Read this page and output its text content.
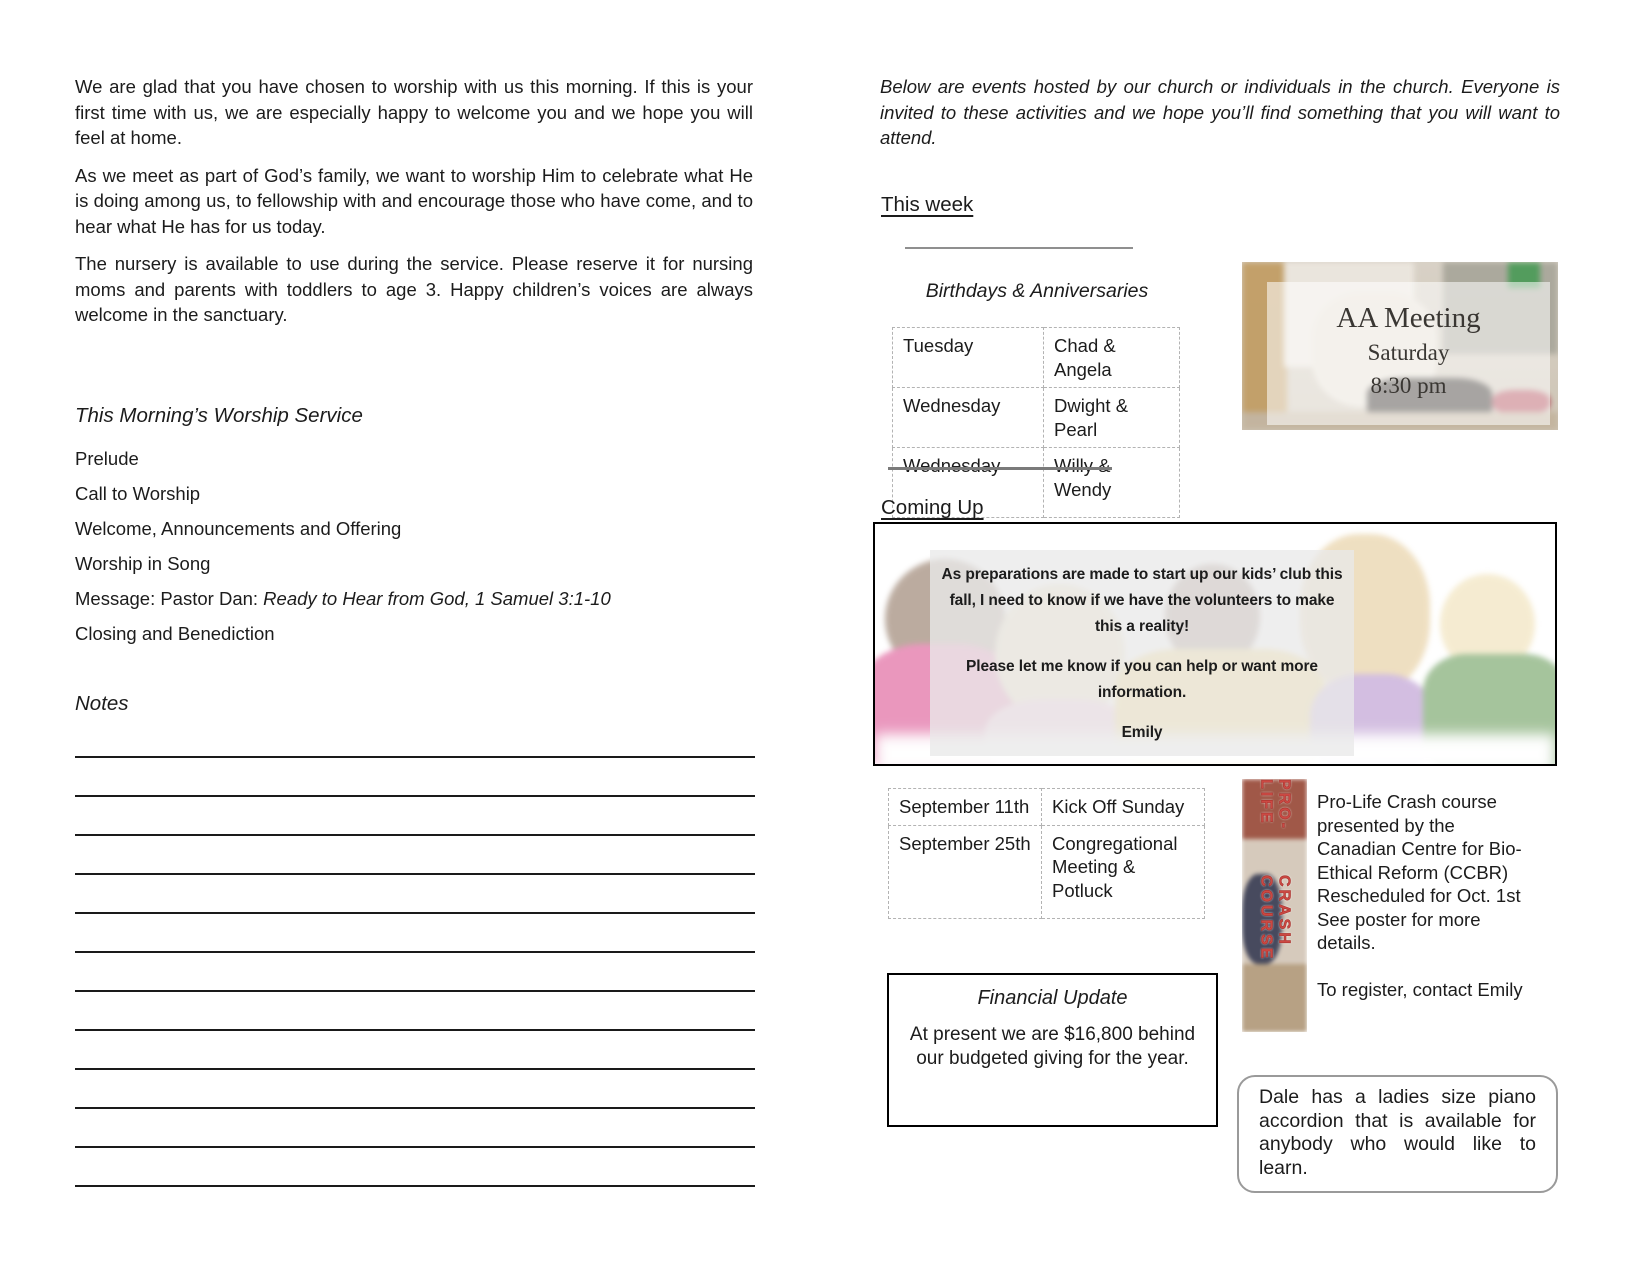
We are glad that you have chosen to worship with us this morning. If this is your first time with us, we are especially happy to welcome you and we hope you will feel at home.

As we meet as part of God’s family, we want to worship Him to celebrate what He is doing among us, to fellowship with and encourage those who have come, and to hear what He has for us today.

The nursery is available to use during the service. Please reserve it for nursing moms and parents with toddlers to age 3. Happy children’s voices are always welcome in the sanctuary.

This Morning’s Worship Service
Prelude
Call to Worship
Welcome, Announcements and Offering
Worship in Song
Message: Pastor Dan: Ready to Hear from God, 1 Samuel 3:1-10
Closing and Benediction
Notes

Below are events hosted by our church or individuals in the church. Everyone is invited to these activities and we hope you’ll find something that you will want to attend.

This week
Birthdays & Anniversaries
Tuesday	Chad & Angela
Wednesday	Dwight & Pearl
Wednesday	Willy & Wendy
AA Meeting
Saturday
8:30 pm
Coming Up
As preparations are made to start up our kids’ club this
fall, I need to know if we have the volunteers to make
this a reality!
Please let me know if you can help or want more
information.
Emily
September 11th	Kick Off Sunday
September 25th	Congregational Meeting & Potluck
PRO-LIFE
CRASH COURSE
Pro-Life Crash course
presented by the
Canadian Centre for Bio-
Ethical Reform (CCBR)
Rescheduled for Oct. 1st
See poster for more
details.
To register, contact Emily
Financial Update
At present we are $16,800 behind our budgeted giving for the year.
Dale has a ladies size piano accordion that is available for anybody who would like to learn.
